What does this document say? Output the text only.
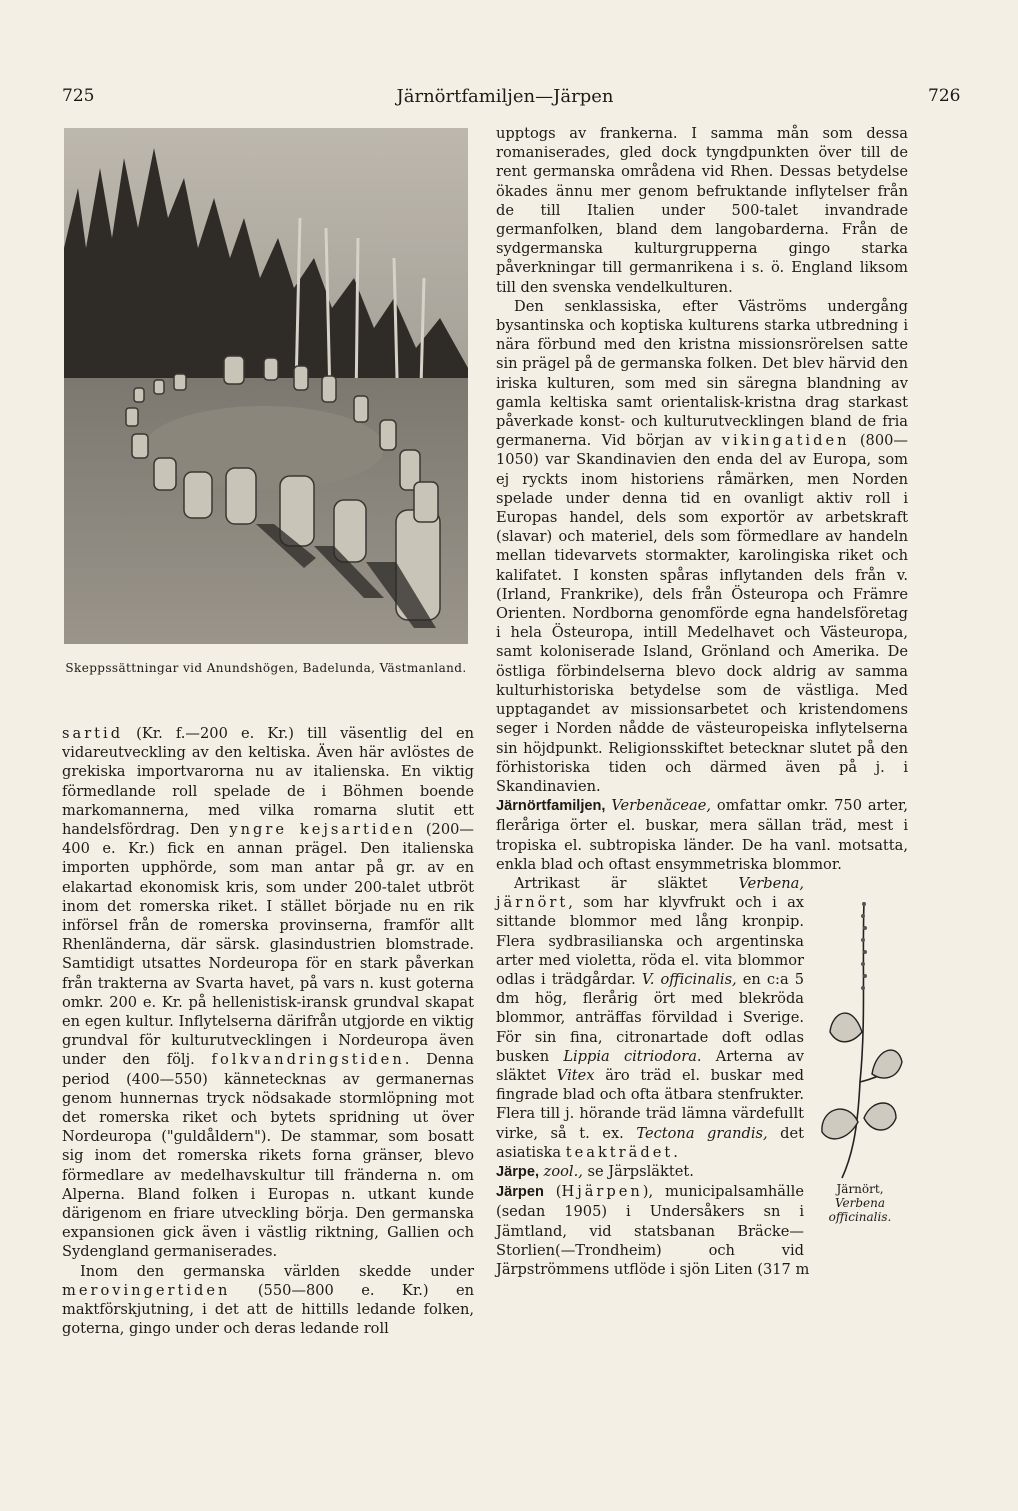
725	Järnörtfamiljen—Järpen	726
Skeppssättningar vid Anundshögen, Badelunda, Västmanland.

sartid (Kr. f.—200 e. Kr.) till väsentlig del en vidareutveckling av den keltiska. Även här avlöstes de grekiska importvarorna nu av italienska. En viktig förmedlande roll spelade de i Böhmen boende markomannerna, med vilka romarna slutit ett handelsfördrag. Den yngre kejsartiden (200—400 e. Kr.) fick en annan prägel. Den italienska importen upphörde, som man antar på gr. av en elakartad ekonomisk kris, som under 200-talet utbröt inom det romerska riket. I stället började nu en rik införsel från de romerska provinserna, framför allt Rhenländerna, där särsk. glasindustrien blomstrade. Samtidigt utsattes Nordeuropa för en stark påverkan från trakterna av Svarta havet, på vars n. kust goterna omkr. 200 e. Kr. på hellenistisk-iransk grundval skapat en egen kultur. Inflytelserna därifrån utgjorde en viktig grundval för kulturutvecklingen i Nordeuropa även under den följ. folkvandringstiden. Denna period (400—550) kännetecknas av germanernas genom hunnernas tryck nödsakade stormlöpning mot det romerska riket och bytets spridning ut över Nordeuropa ("guldåldern"). De stammar, som bosatt sig inom det romerska rikets forna gränser, blevo förmedlare av medelhavskultur till fränderna n. om Alperna. Bland folken i Europas n. utkant kunde därigenom en friare utveckling börja. Den germanska expansionen gick även i västlig riktning, Gallien och Sydengland germaniserades.

Inom den germanska världen skedde under merovingertiden (550—800 e. Kr.) en maktförskjutning, i det att de hittills ledande folken, goterna, gingo under och deras ledande roll

upptogs av frankerna. I samma mån som dessa romaniserades, gled dock tyngdpunkten över till de rent germanska områdena vid Rhen. Dessas betydelse ökades ännu mer genom befruktande inflytelser från de till Italien under 500-talet invandrade germanfolken, bland dem langobarderna. Från de sydgermanska kulturgrupperna gingo starka påverkningar till germanrikena i s. ö. England liksom till den svenska vendelkulturen.

Den senklassiska, efter Väströms undergång bysantinska och koptiska kulturens starka utbredning i nära förbund med den kristna missionsrörelsen satte sin prägel på de germanska folken. Det blev härvid den iriska kulturen, som med sin säregna blandning av gamla keltiska samt orientalisk-kristna drag starkast påverkade konst- och kulturutvecklingen bland de fria germanerna. Vid början av vikingatiden (800—1050) var Skandinavien den enda del av Europa, som ej ryckts inom historiens råmärken, men Norden spelade under denna tid en ovanligt aktiv roll i Europas handel, dels som exportör av arbetskraft (slavar) och materiel, dels som förmedlare av handeln mellan tidevarvets stormakter, karolingiska riket och kalifatet. I konsten spåras inflytanden dels från v. (Irland, Frankrike), dels från Östeuropa och Främre Orienten. Nordborna genomförde egna handelsföretag i hela Östeuropa, intill Medelhavet och Västeuropa, samt koloniserade Island, Grönland och Amerika. De östliga förbindelserna blevo dock aldrig av samma kulturhistoriska betydelse som de västliga. Med upptagandet av missionsarbetet och kristendomens seger i Norden nådde de västeuropeiska inflytelserna sin höjdpunkt. Religionsskiftet betecknar slutet på den förhistoriska tiden och därmed även på j. i Skandinavien.

Järnörtfamiljen, Verbenăceae, omfattar omkr. 750 arter, fleråriga örter el. buskar, mera sällan träd, mest i tropiska el. subtropiska länder. De ha vanl. motsatta, enkla blad och oftast ensymmetriska blommor.

Järnört,
Verbena officinalis.

Artrikast är släktet Verbena, järnört, som har klyvfrukt och i ax sittande blommor med lång kronpip. Flera sydbrasilianska och argentinska arter med violetta, röda el. vita blommor odlas i trädgårdar. V. officinalis, en c:a 5 dm hög, flerårig ört med blekröda blommor, anträffas förvildad i Sverige. För sin fina, citronartade doft odlas busken Lippia citriodora. Arterna av släktet Vitex äro träd el. buskar med fingrade blad och ofta ätbara stenfrukter. Flera till j. hörande träd lämna värdefullt virke, så t. ex. Tectona grandis, det asiatiska teakträdet.

Järpe, zool., se Järpsläktet.

Järpen (Hjärpen), municipalsamhälle (sedan 1905) i Undersåkers sn i Jämtland, vid statsbanan Bräcke—Storlien(—Trondheim) och vid Järpströmmens utflöde i sjön Liten (317 m
